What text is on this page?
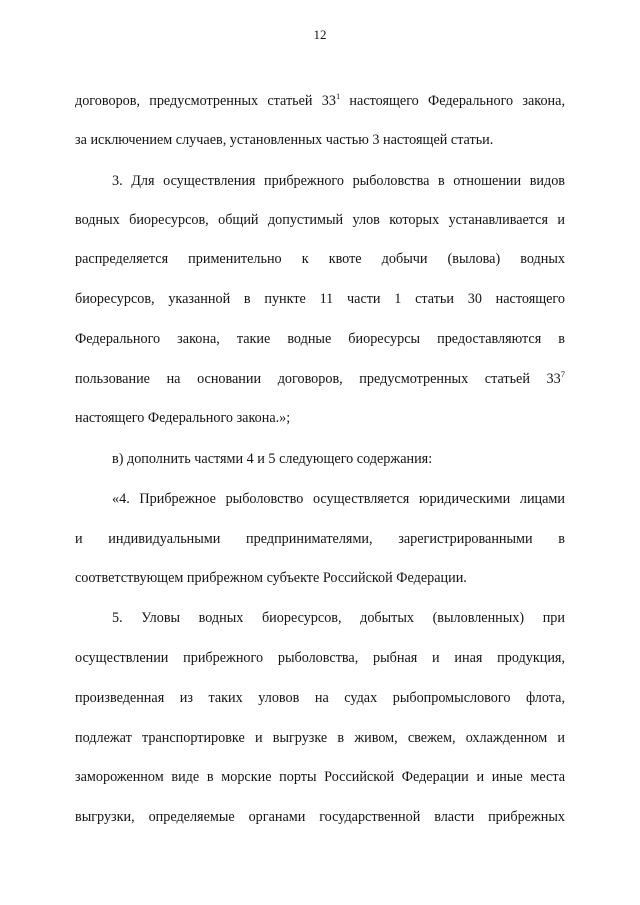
12
договоров, предусмотренных статьей $33^1$ настоящего Федерального закона,
за исключением случаев, установленных частью 3 настоящей статьи.
3. Для осуществления прибрежного рыболовства в отношении видов
водных биоресурсов, общий допустимый улов которых устанавливается и
распределяется применительно к квоте добычи (вылова) водных
биоресурсов, указанной в пункте 11 части 1 статьи 30 настоящего
Федерального закона, такие водные биоресурсы предоставляются в
пользование на основании договоров, предусмотренных статьей $33^7$
настоящего Федерального закона.»;
в) дополнить частями 4 и 5 следующего содержания:
«4. Прибрежное рыболовство осуществляется юридическими лицами
и индивидуальными предпринимателями, зарегистрированными в
соответствующем прибрежном субъекте Российской Федерации.
5. Уловы водных биоресурсов, добытых (выловленных) при
осуществлении прибрежного рыболовства, рыбная и иная продукция,
произведенная из таких уловов на судах рыбопромыслового флота,
подлежат транспортировке и выгрузке в живом, свежем, охлажденном и
замороженном виде в морские порты Российской Федерации и иные места
выгрузки, определяемые органами государственной власти прибрежных
